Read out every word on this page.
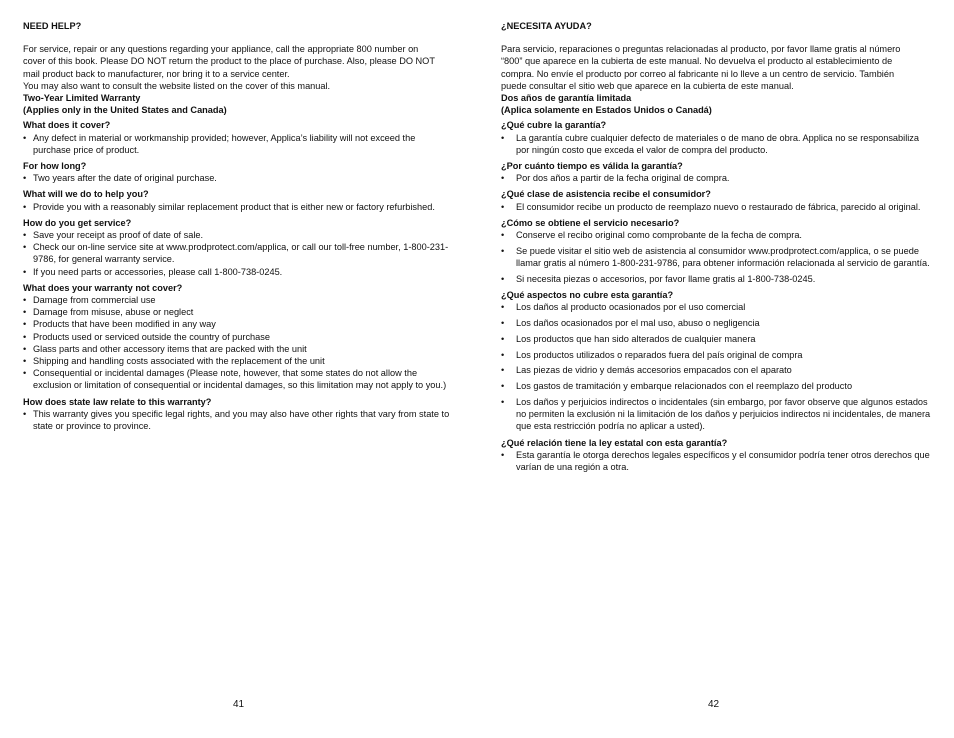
NEED HELP?

For service, repair or any questions regarding your appliance, call the appropriate 800 number on

cover of this book. Please DO NOT return the product to the place of purchase. Also, please DO NOT

mail product back to manufacturer, nor bring it to a service center.

You may also want to consult the website listed on the cover of this manual.

Two-Year Limited Warranty

(Applies only in the United States and Canada)

What does it cover?

• Any defect in material or workmanship provided; however, Applica’s liability will not exceed the purchase price of product.

For how long?

• Two years after the date of original purchase.

What will we do to help you?

• Provide you with a reasonably similar replacement product that is either new or factory refurbished.

How do you get service?

• Save your receipt as proof of date of sale.
• Check our on-line service site at www.prodprotect.com/applica, or call our toll-free number, 1-800-231-9786, for general warranty service.
• If you need parts or accessories, please call 1-800-738-0245.

What does your warranty not cover?

• Damage from commercial use
• Damage from misuse, abuse or neglect
• Products that have been modified in any way
• Products used or serviced outside the country of purchase
• Glass parts and other accessory items that are packed with the unit
• Shipping and handling costs associated with the replacement of the unit
• Consequential or incidental damages (Please note, however, that some states do not allow the exclusion or limitation of consequential or incidental damages, so this limitation may not apply to you.)

How does state law relate to this warranty?

• This warranty gives you specific legal rights, and you may also have other rights that vary from state to state or province to province.

¿NECESITA AYUDA?

Para servicio, reparaciones o preguntas relacionadas al producto, por favor llame gratis al número

“800” que aparece en la cubierta de este manual. No devuelva el producto al establecimiento de

compra. No envíe el producto por correo al fabricante ni lo lleve a un centro de servicio. También

puede consultar el sitio web que aparece en la cubierta de este manual.

Dos años de garantía limitada

(Aplica solamente en Estados Unidos o Canadá)

¿Qué cubre la garantía?

• La garantía cubre cualquier defecto de materiales o de mano de obra. Applica no se responsabiliza por ningún costo que exceda el valor de compra del producto.

¿Por cuánto tiempo es válida la garantía?

• Por dos años a partir de la fecha original de compra.

¿Qué clase de asistencia recibe el consumidor?

• El consumidor recibe un producto de reemplazo nuevo o restaurado de fábrica, parecido al original.

¿Cómo se obtiene el servicio necesario?

• Conserve el recibo original como comprobante de la fecha de compra.
• Se puede visitar el sitio web de asistencia al consumidor www.prodprotect.com/applica, o se puede llamar gratis al número 1-800-231-9786, para obtener información relacionada al servicio de garantía.
• Si necesita piezas o accesorios, por favor llame gratis al 1-800-738-0245.

¿Qué aspectos no cubre esta garantía?

• Los daños al producto ocasionados por el uso comercial
• Los daños ocasionados por el mal uso, abuso o negligencia
• Los productos que han sido alterados de cualquier manera
• Los productos utilizados o reparados fuera del país original de compra
• Las piezas de vidrio y demás accesorios empacados con el aparato
• Los gastos de tramitación y embarque relacionados con el reemplazo del producto
• Los daños y perjuicios indirectos o incidentales (sin embargo, por favor observe que algunos estados no permiten la exclusión ni la limitación de los daños y perjuicios indirectos ni incidentales, de manera que esta restricción podría no aplicar a usted).

¿Qué relación tiene la ley estatal con esta garantía?

• Esta garantía le otorga derechos legales específicos y el consumidor podría tener otros derechos que varían de una región a otra.
41	42
